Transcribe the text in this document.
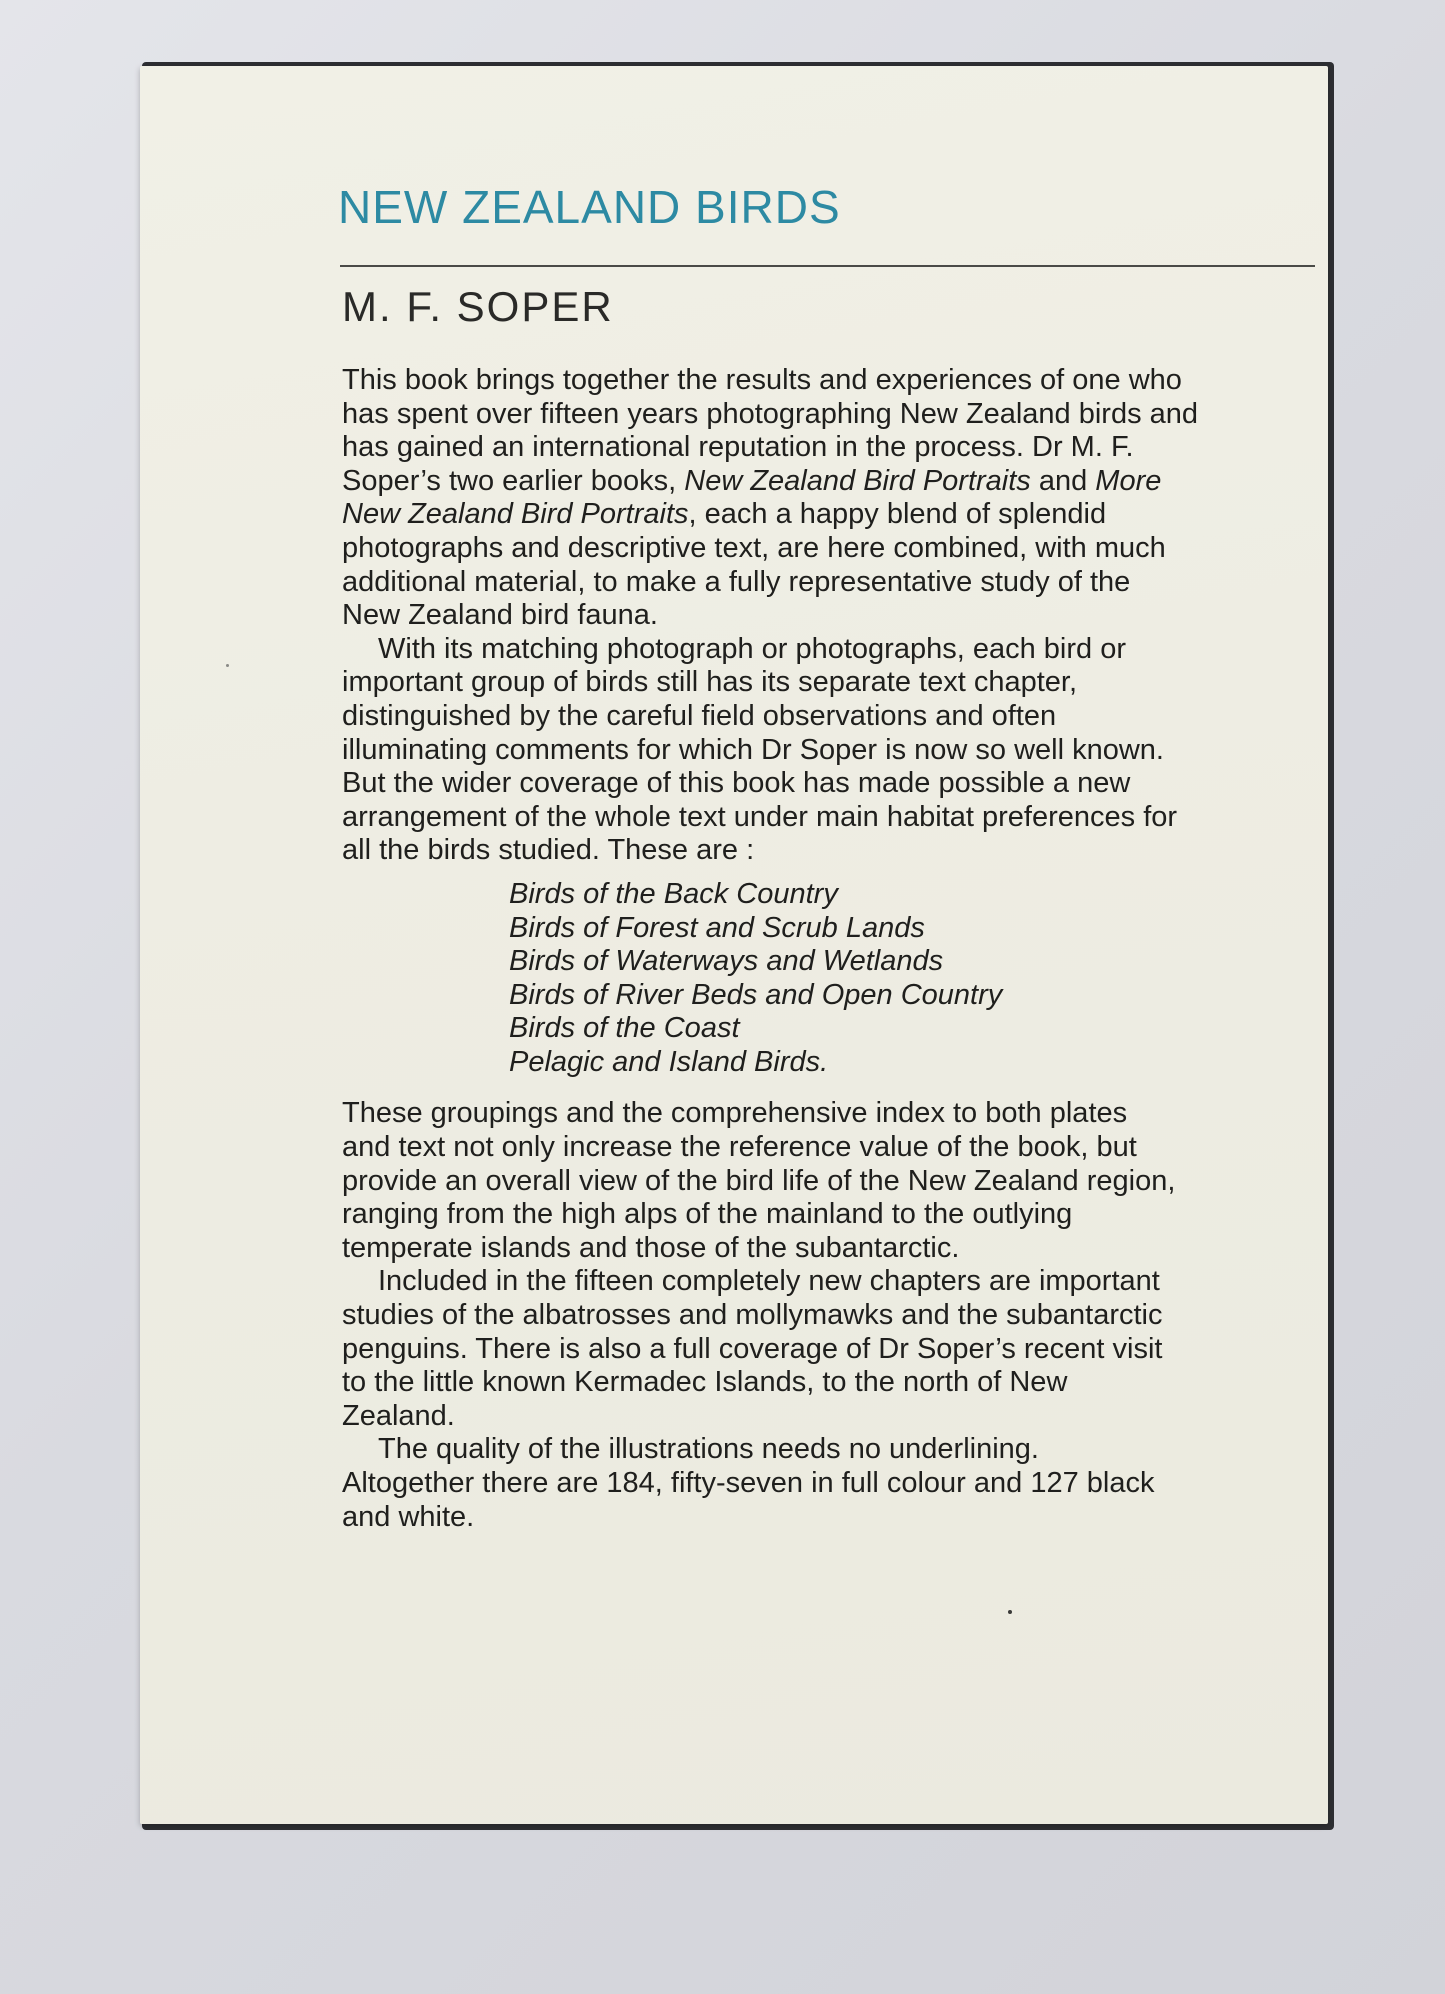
NEW ZEALAND BIRDS
M. F. SOPER

This book brings together the results and experiences of one who
has spent over fifteen years photographing New Zealand birds and
has gained an international reputation in the process. Dr M. F.
Soper’s two earlier books, New Zealand Bird Portraits and More
New Zealand Bird Portraits, each a happy blend of splendid
photographs and descriptive text, are here combined, with much
additional material, to make a fully representative study of the
New Zealand bird fauna.

With its matching photograph or photographs, each bird or
important group of birds still has its separate text chapter,
distinguished by the careful field observations and often
illuminating comments for which Dr Soper is now so well known.
But the wider coverage of this book has made possible a new
arrangement of the whole text under main habitat preferences for
all the birds studied. These are :

Birds of the Back Country
Birds of Forest and Scrub Lands
Birds of Waterways and Wetlands
Birds of River Beds and Open Country
Birds of the Coast
Pelagic and Island Birds.

These groupings and the comprehensive index to both plates
and text not only increase the reference value of the book, but
provide an overall view of the bird life of the New Zealand region,
ranging from the high alps of the mainland to the outlying
temperate islands and those of the subantarctic.

Included in the fifteen completely new chapters are important
studies of the albatrosses and mollymawks and the subantarctic
penguins. There is also a full coverage of Dr Soper’s recent visit
to the little known Kermadec Islands, to the north of New
Zealand.

The quality of the illustrations needs no underlining.
Altogether there are 184, fifty-seven in full colour and 127 black
and white.
